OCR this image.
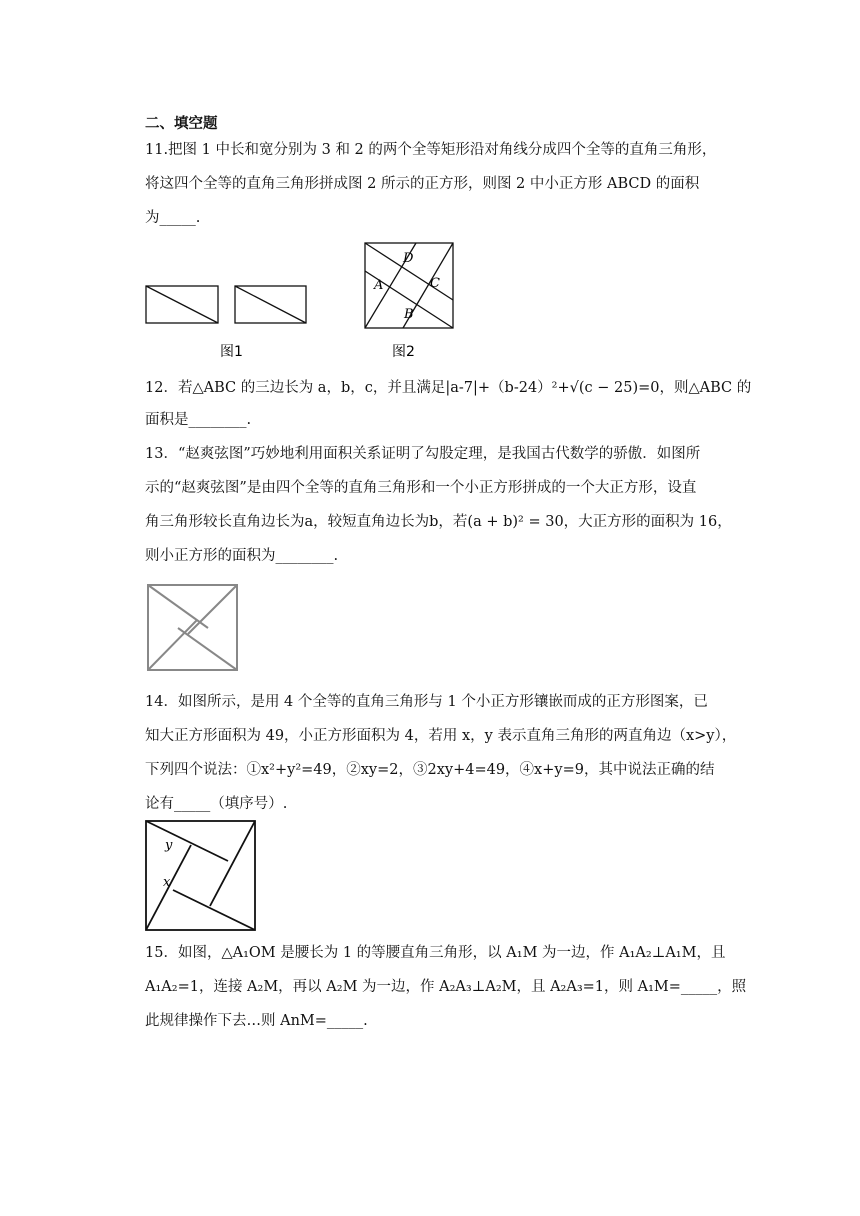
二、填空题
11.把图 1 中长和宽分别为 3 和 2 的两个全等矩形沿对角线分成四个全等的直角三角形，
将这四个全等的直角三角形拼成图 2 所示的正方形，则图 2 中小正方形 ABCD 的面积
为_____.
图1
D
C
A
B
图2
12．若△ABC 的三边长为 a，b，c，并且满足|a-7|+（b-24）²+√(c − 25)=0，则△ABC 的
面积是________.
13．“赵爽弦图”巧妙地利用面积关系证明了勾股定理，是我国古代数学的骄傲．如图所
示的“赵爽弦图”是由四个全等的直角三角形和一个小正方形拼成的一个大正方形，设直
角三角形较长直角边长为a，较短直角边长为b，若(a + b)² = 30，大正方形的面积为 16，
则小正方形的面积为________.
14．如图所示，是用 4 个全等的直角三角形与 1 个小正方形镶嵌而成的正方形图案，已
知大正方形面积为 49，小正方形面积为 4，若用 x，y 表示直角三角形的两直角边（x>y），
下列四个说法：①x²+y²=49，②xy=2，③2xy+4=49，④x+y=9，其中说法正确的结
论有_____（填序号）.
y
x
15．如图，△A₁OM 是腰长为 1 的等腰直角三角形，以 A₁M 为一边，作 A₁A₂⊥A₁M，且
A₁A₂=1，连接 A₂M，再以 A₂M 为一边，作 A₂A₃⊥A₂M，且 A₂A₃=1，则 A₁M=_____，照
此规律操作下去…则 AnM=_____.
